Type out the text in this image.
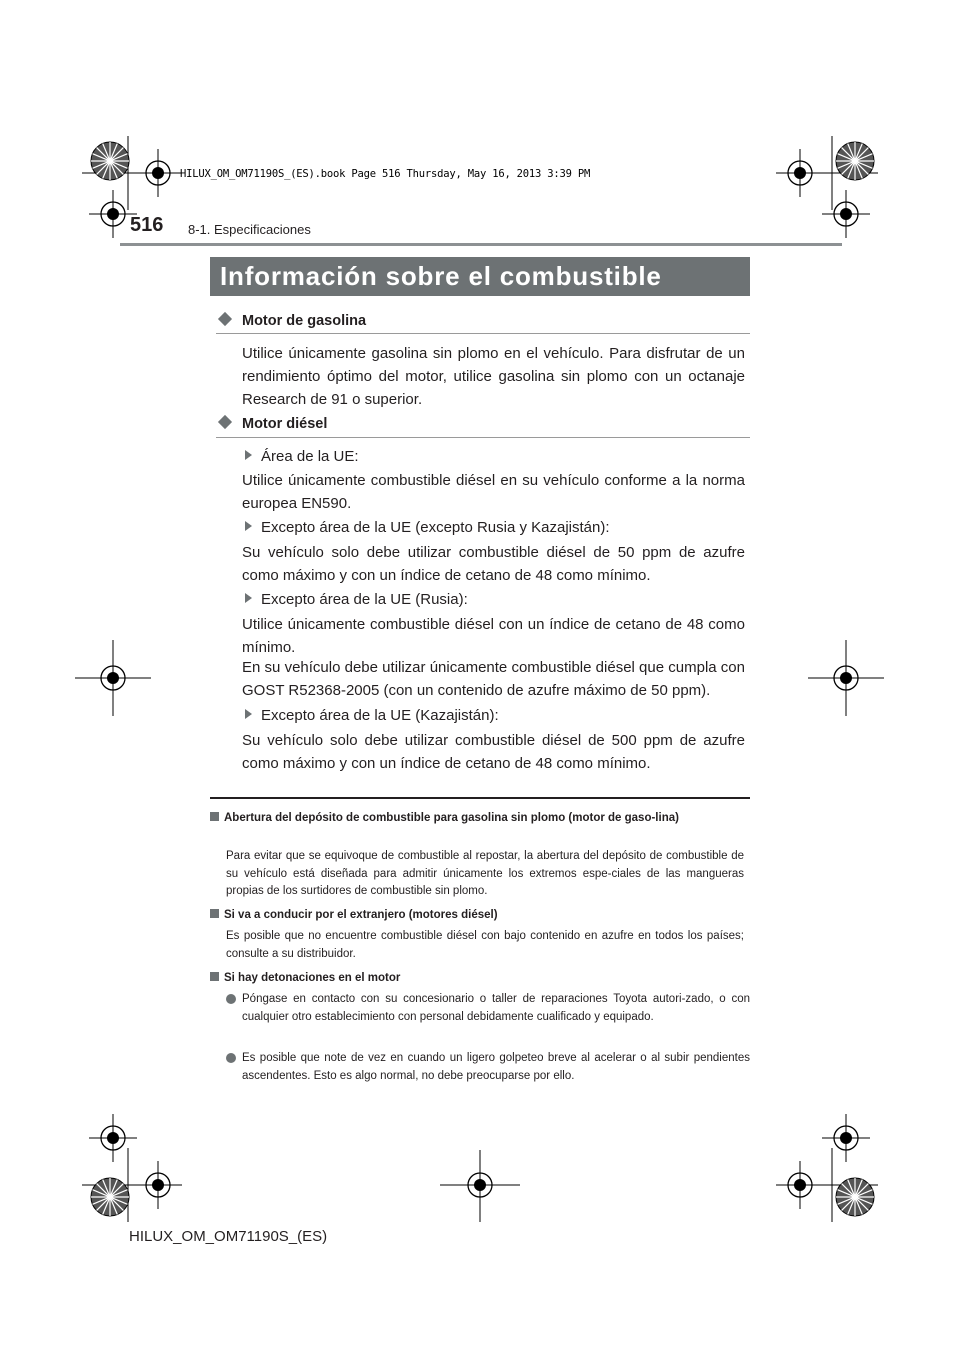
HILUX_OM_OM71190S_(ES).book Page 516 Thursday, May 16, 2013 3:39 PM
516 8-1. Especificaciones
Información sobre el combustible
Motor de gasolina
Utilice únicamente gasolina sin plomo en el vehículo. Para disfrutar de un rendimiento óptimo del motor, utilice gasolina sin plomo con un octanaje Research de 91 o superior.
Motor diésel
Área de la UE:
Utilice únicamente combustible diésel en su vehículo conforme a la norma europea EN590.
Excepto área de la UE (excepto Rusia y Kazajistán):
Su vehículo solo debe utilizar combustible diésel de 50 ppm de azufre como máximo y con un índice de cetano de 48 como mínimo.
Excepto área de la UE (Rusia):
Utilice únicamente combustible diésel con un índice de cetano de 48 como mínimo.
En su vehículo debe utilizar únicamente combustible diésel que cumpla con GOST R52368-2005 (con un contenido de azufre máximo de 50 ppm).
Excepto área de la UE (Kazajistán):
Su vehículo solo debe utilizar combustible diésel de 500 ppm de azufre como máximo y con un índice de cetano de 48 como mínimo.
Abertura del depósito de combustible para gasolina sin plomo (motor de gaso-lina)
Para evitar que se equivoque de combustible al repostar, la abertura del depósito de combustible de su vehículo está diseñada para admitir únicamente los extremos espe-ciales de las mangueras propias de los surtidores de combustible sin plomo.
Si va a conducir por el extranjero (motores diésel)
Es posible que no encuentre combustible diésel con bajo contenido en azufre en todos los países; consulte a su distribuidor.
Si hay detonaciones en el motor
Póngase en contacto con su concesionario o taller de reparaciones Toyota autori-zado, o con cualquier otro establecimiento con personal debidamente cualificado y equipado.
Es posible que note de vez en cuando un ligero golpeteo breve al acelerar o al subir pendientes ascendentes. Esto es algo normal, no debe preocuparse por ello.
HILUX_OM_OM71190S_(ES)
